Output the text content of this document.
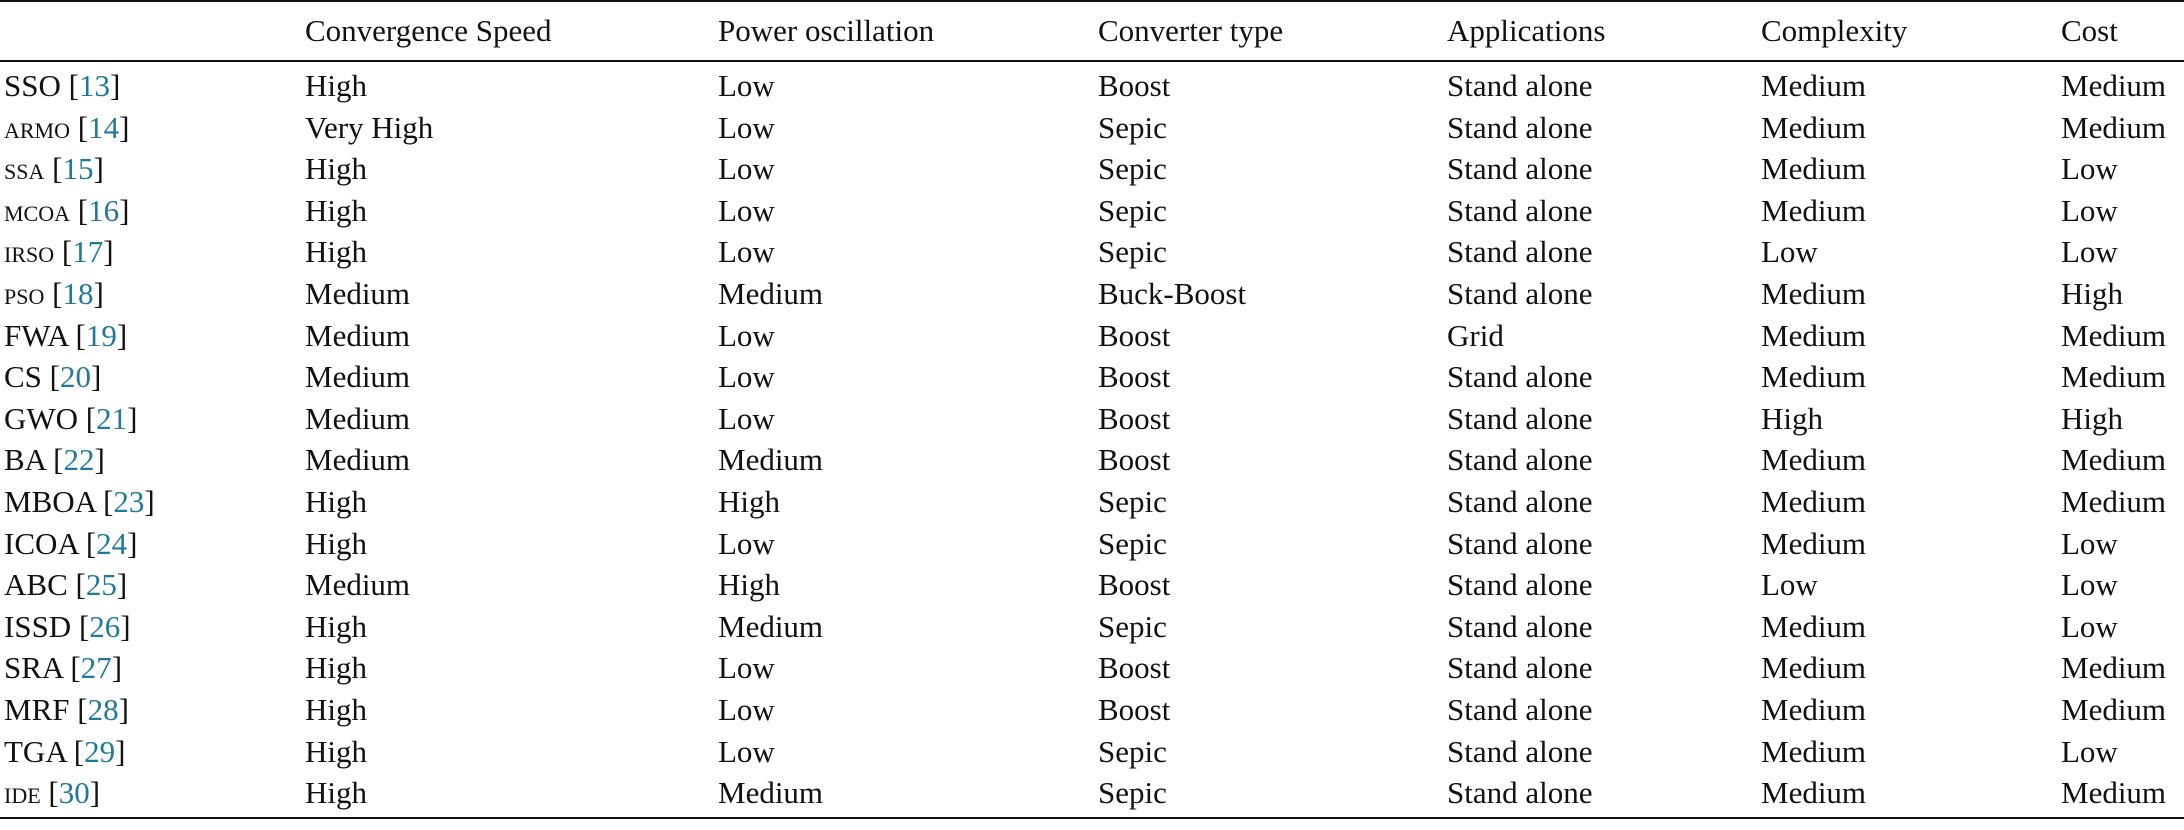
	Convergence Speed	Power oscillation	Converter type	Applications	Complexity	Cost
SSO [13]	High	Low	Boost	Stand alone	Medium	Medium
armo [14]	Very High	Low	Sepic	Stand alone	Medium	Medium
ssa [15]	High	Low	Sepic	Stand alone	Medium	Low
mcoa [16]	High	Low	Sepic	Stand alone	Medium	Low
irso [17]	High	Low	Sepic	Stand alone	Low	Low
pso [18]	Medium	Medium	Buck-Boost	Stand alone	Medium	High
FWA [19]	Medium	Low	Boost	Grid	Medium	Medium
CS [20]	Medium	Low	Boost	Stand alone	Medium	Medium
GWO [21]	Medium	Low	Boost	Stand alone	High	High
BA [22]	Medium	Medium	Boost	Stand alone	Medium	Medium
MBOA [23]	High	High	Sepic	Stand alone	Medium	Medium
ICOA [24]	High	Low	Sepic	Stand alone	Medium	Low
ABC [25]	Medium	High	Boost	Stand alone	Low	Low
ISSD [26]	High	Medium	Sepic	Stand alone	Medium	Low
SRA [27]	High	Low	Boost	Stand alone	Medium	Medium
MRF [28]	High	Low	Boost	Stand alone	Medium	Medium
TGA [29]	High	Low	Sepic	Stand alone	Medium	Low
ide [30]	High	Medium	Sepic	Stand alone	Medium	Medium
